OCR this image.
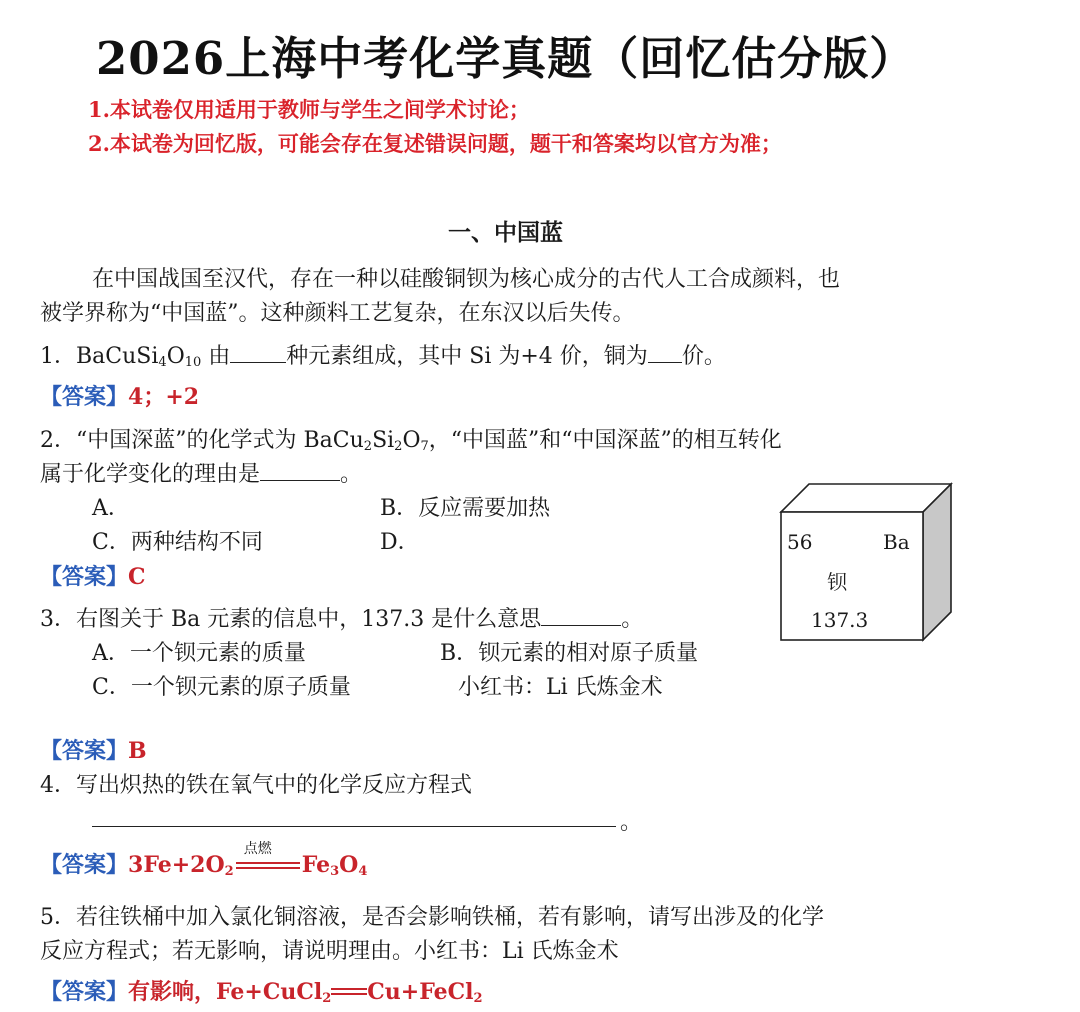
2026上海中考化学真题（回忆估分版）
1.本试卷仅用适用于教师与学生之间学术讨论；
2.本试卷为回忆版，可能会存在复述错误问题，题干和答案均以官方为准；
一、中国蓝
在中国战国至汉代，存在一种以硅酸铜钡为核心成分的古代人工合成颜料，也
被学界称为“中国蓝”。这种颜料工艺复杂，在东汉以后失传。
1．$BaCuSi_4O_{10}$ 由	种元素组成，其中 Si 为+4 价，铜为 价。
【答案】4；+2
2．“中国深蓝”的化学式为 $BaCu_2Si_2O_7$，“中国蓝”和“中国深蓝”的相互转化
属于化学变化的理由是	。
A．	B．反应需要加热
C．两种结构不同	D．
【答案】C
56	Ba
钡
137.3
3．右图关于 Ba 元素的信息中，137.3 是什么意思	。
A．一个钡元素的质量	B．钡元素的相对原子质量
C．一个钡元素的原子质量	小红书：Li 氏炼金术
【答案】B
4．写出炽热的铁在氧气中的化学反应方程式
。
【答案】$3Fe+2O_2$
点燃
$Fe_3O_4$
5．若往铁桶中加入氯化铜溶液，是否会影响铁桶，若有影响，请写出涉及的化学
反应方程式；若无影响，请说明理由。小红书：Li 氏炼金术
【答案】有影响，Fe+CuCl$_2$ Cu+FeCl$_2$
